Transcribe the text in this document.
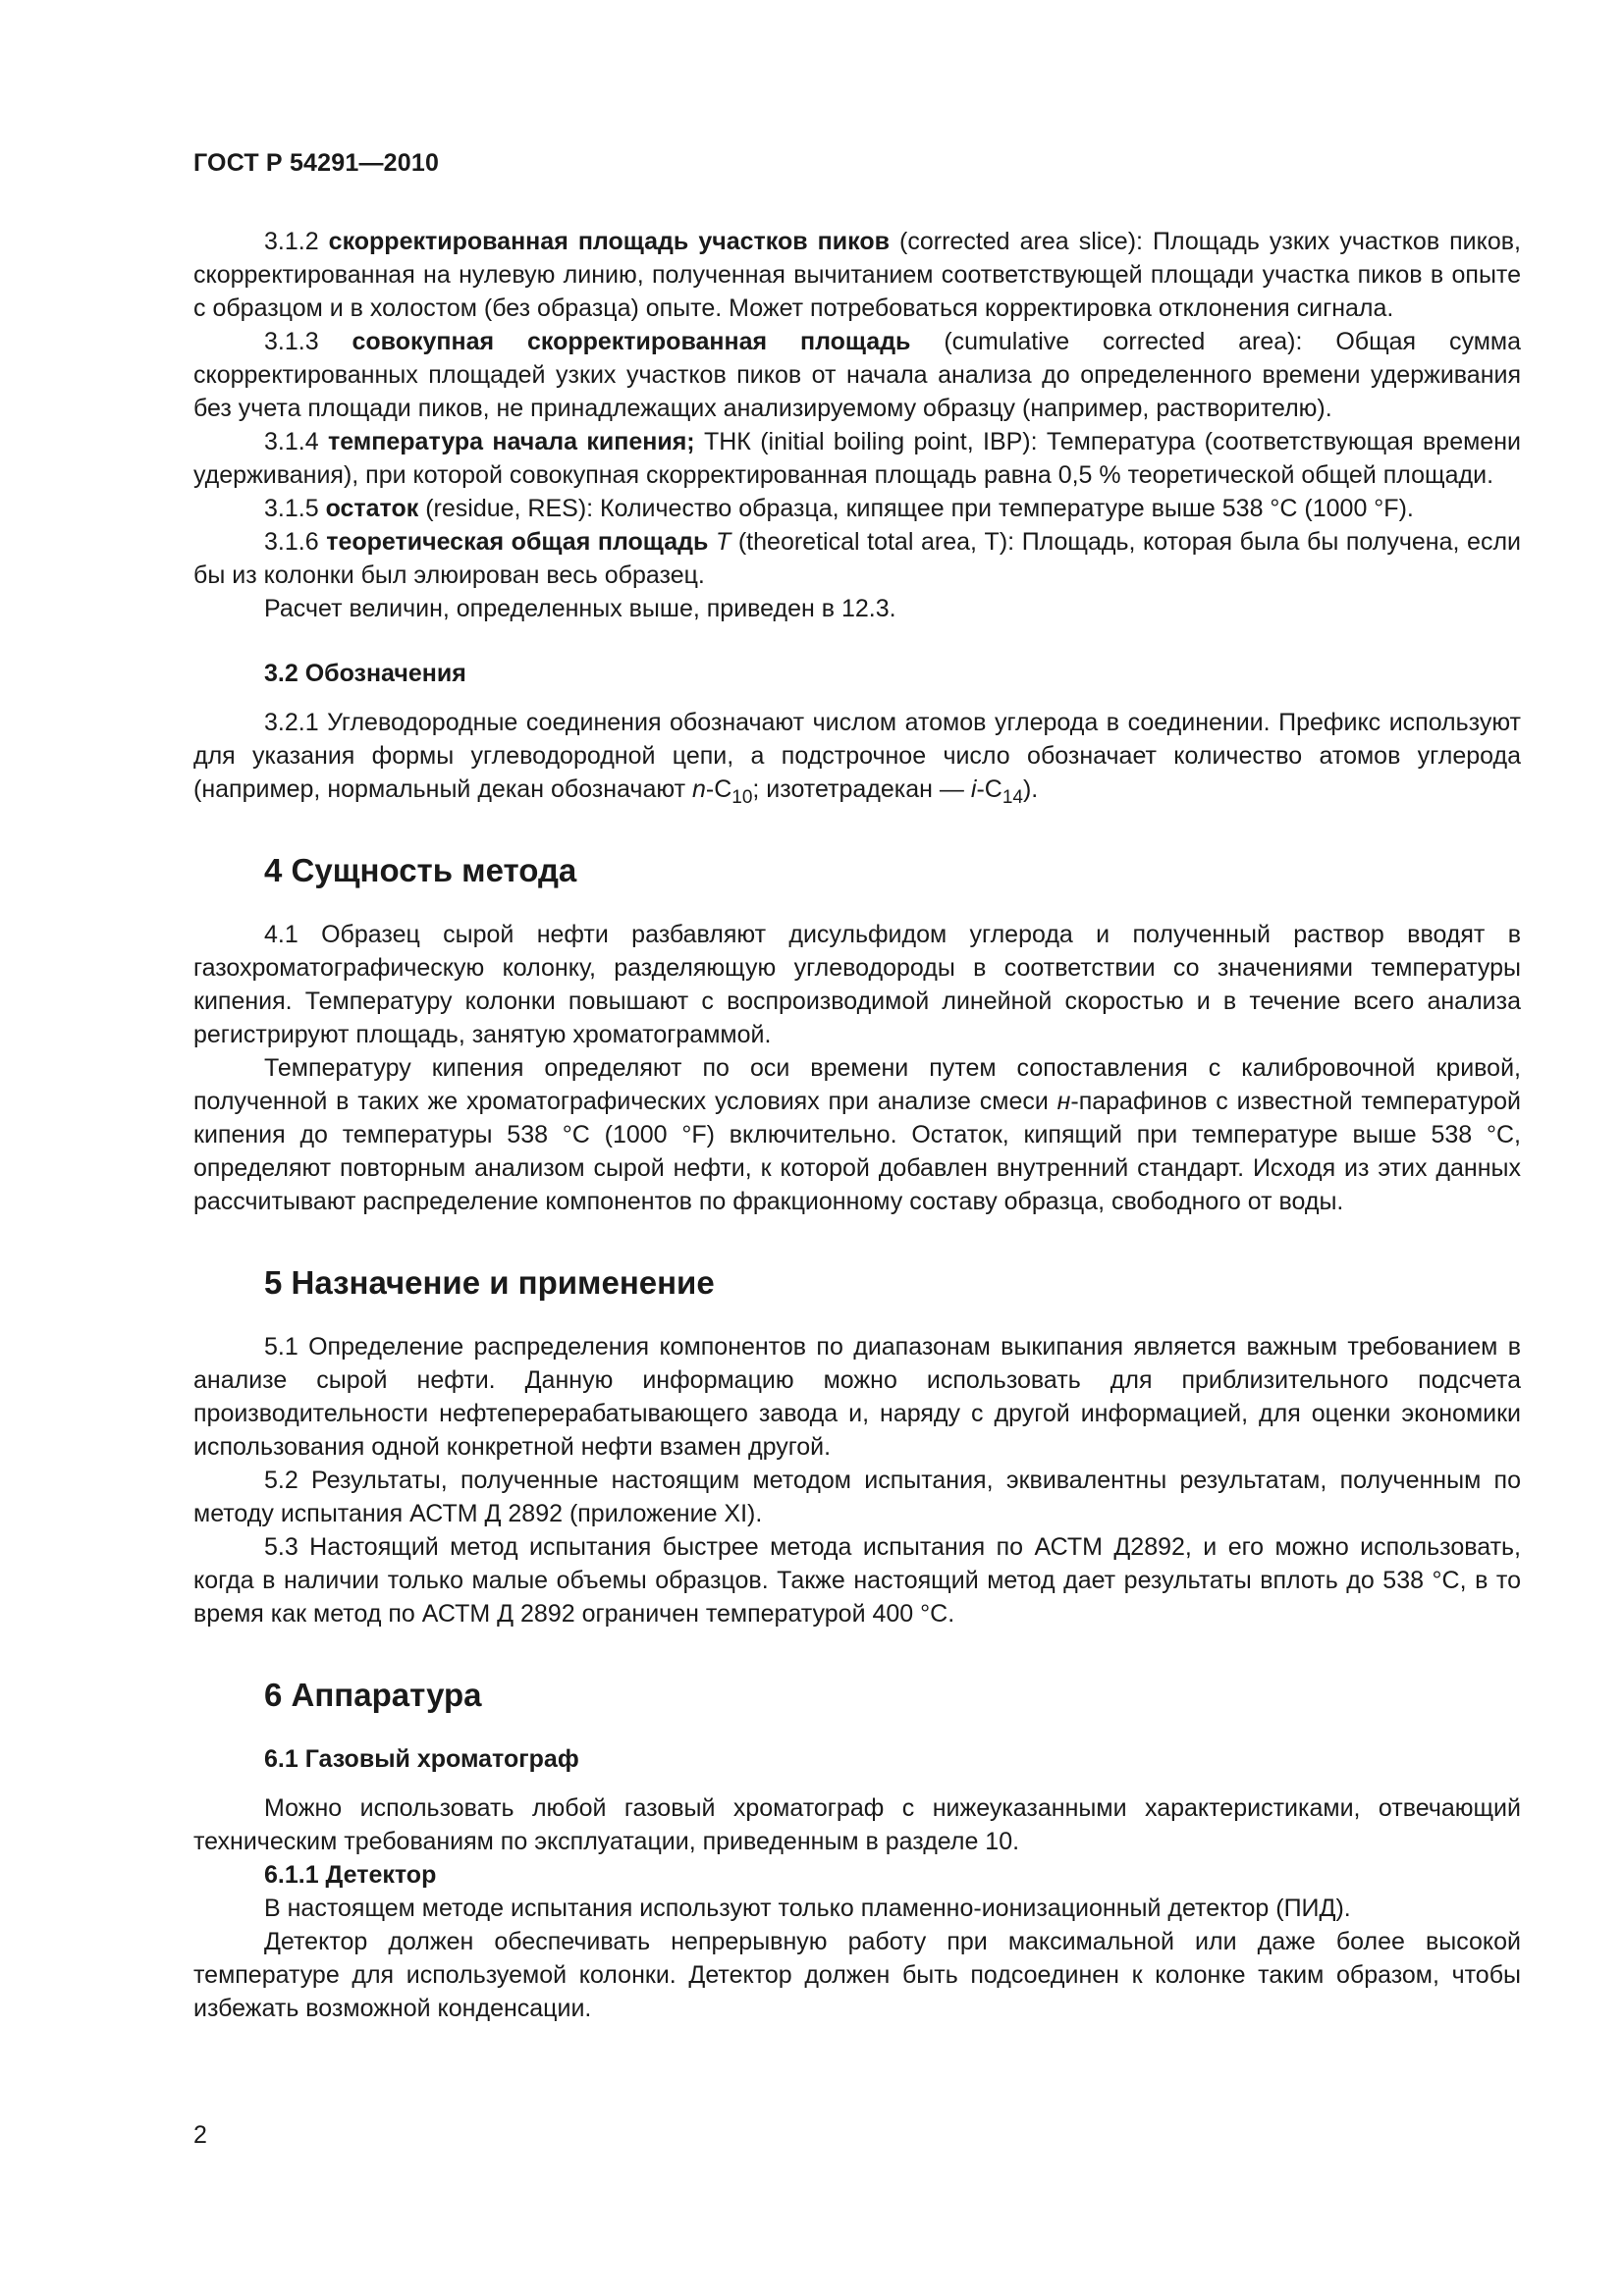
ГОСТ Р 54291—2010

3.1.2 скорректированная площадь участков пиков (corrected area slice): Площадь узких участков пиков, скорректированная на нулевую линию, полученная вычитанием соответствующей площади участка пиков в опыте с образцом и в холостом (без образца) опыте. Может потребоваться корректировка отклонения сигнала.

3.1.3 совокупная скорректированная площадь (cumulative corrected area): Общая сумма скорректированных площадей узких участков пиков от начала анализа до определенного времени удерживания без учета площади пиков, не принадлежащих анализируемому образцу (например, растворителю).

3.1.4 температура начала кипения; ТНК (initial boiling point, IBP): Температура (соответствующая времени удерживания), при которой совокупная скорректированная площадь равна 0,5 % теоретической общей площади.

3.1.5 остаток (residue, RES): Количество образца, кипящее при температуре выше 538 °С (1000 °F).

3.1.6 теоретическая общая площадь T (theoretical total area, Т): Площадь, которая была бы получена, если бы из колонки был элюирован весь образец.

Расчет величин, определенных выше, приведен в 12.3.

3.2 Обозначения

3.2.1 Углеводородные соединения обозначают числом атомов углерода в соединении. Префикс используют для указания формы углеводородной цепи, а подстрочное число обозначает количество атомов углерода (например, нормальный декан обозначают $n-С_{10}$; изотетрадекан — $i-С_{14}$).

4 Сущность метода

4.1 Образец сырой нефти разбавляют дисульфидом углерода и полученный раствор вводят в газохроматографическую колонку, разделяющую углеводороды в соответствии со значениями температуры кипения. Температуру колонки повышают с воспроизводимой линейной скоростью и в течение всего анализа регистрируют площадь, занятую хроматограммой.

Температуру кипения определяют по оси времени путем сопоставления с калибровочной кривой, полученной в таких же хроматографических условиях при анализе смеси н-парафинов с известной температурой кипения до температуры 538 °С (1000 °F) включительно. Остаток, кипящий при температуре выше 538 °С, определяют повторным анализом сырой нефти, к которой добавлен внутренний стандарт. Исходя из этих данных рассчитывают распределение компонентов по фракционному составу образца, свободного от воды.

5 Назначение и применение

5.1 Определение распределения компонентов по диапазонам выкипания является важным требованием в анализе сырой нефти. Данную информацию можно использовать для приблизительного подсчета производительности нефтеперерабатывающего завода и, наряду с другой информацией, для оценки экономики использования одной конкретной нефти взамен другой.

5.2 Результаты, полученные настоящим методом испытания, эквивалентны результатам, полученным по методу испытания АСТМ Д 2892 (приложение XI).

5.3 Настоящий метод испытания быстрее метода испытания по АСТМ Д2892, и его можно использовать, когда в наличии только малые объемы образцов. Также настоящий метод дает результаты вплоть до 538 °С, в то время как метод по АСТМ Д 2892 ограничен температурой 400 °С.

6 Аппаратура
6.1 Газовый хроматограф

Можно использовать любой газовый хроматограф с нижеуказанными характеристиками, отвечающий техническим требованиям по эксплуатации, приведенным в разделе 10.

6.1.1 Детектор

В настоящем методе испытания используют только пламенно-ионизационный детектор (ПИД).

Детектор должен обеспечивать непрерывную работу при максимальной или даже более высокой температуре для используемой колонки. Детектор должен быть подсоединен к колонке таким образом, чтобы избежать возможной конденсации.

2
